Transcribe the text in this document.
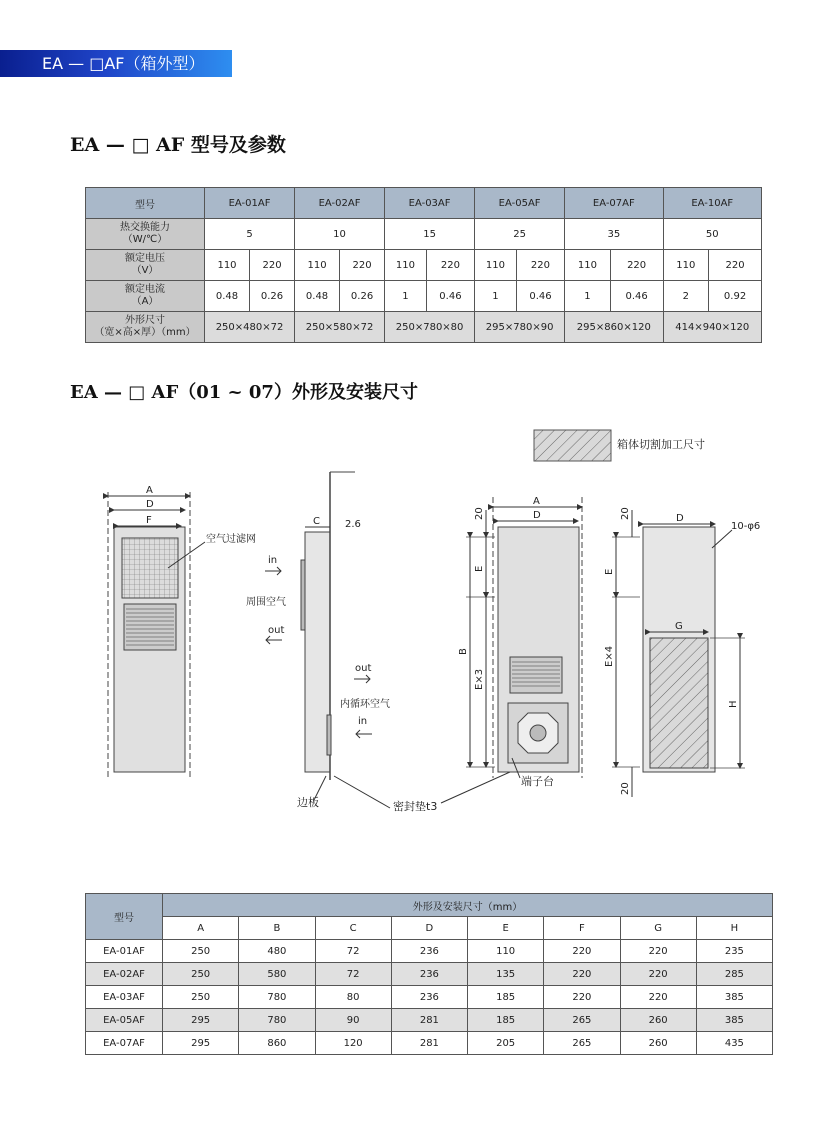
EA — □AF（箱外型）
EA — □ AF 型号及参数
型号	EA-01AF		EA-02AF		EA-03AF		EA-05AF		EA-07AF		EA-10AF	
热交换能力
（W/℃）	5		10		15		25		35		50	
额定电压
（V）	110	220	110	220	110	220	110	220	110	220	110	220
额定电流
（A）	0.48	0.26	0.48	0.26	1	0.46	1	0.46	1	0.46	2	0.92
外形尺寸
（宽×高×厚）（mm）	250×480×72		250×580×72		250×780×80		295×780×90		295×860×120		414×940×120	
EA — □ AF（01 ~ 07）外形及安装尺寸
箱体切割加工尺寸
A
D
F
空气过滤网
C	2.6
in
周围空气
out
out
内循环空气
in
边板	密封垫t3
A
D
20
B
E
E×3
端子台
D
G
H
20
20
E
E×4
10-φ6
型号	外形及安装尺寸（mm）							
	A	B	C	D	E	F	G	H
EA-01AF	250	480	72	236	110	220	220	235
EA-02AF	250	580	72	236	135	220	220	285
EA-03AF	250	780	80	236	185	220	220	385
EA-05AF	295	780	90	281	185	265	260	385
EA-07AF	295	860	120	281	205	265	260	435
